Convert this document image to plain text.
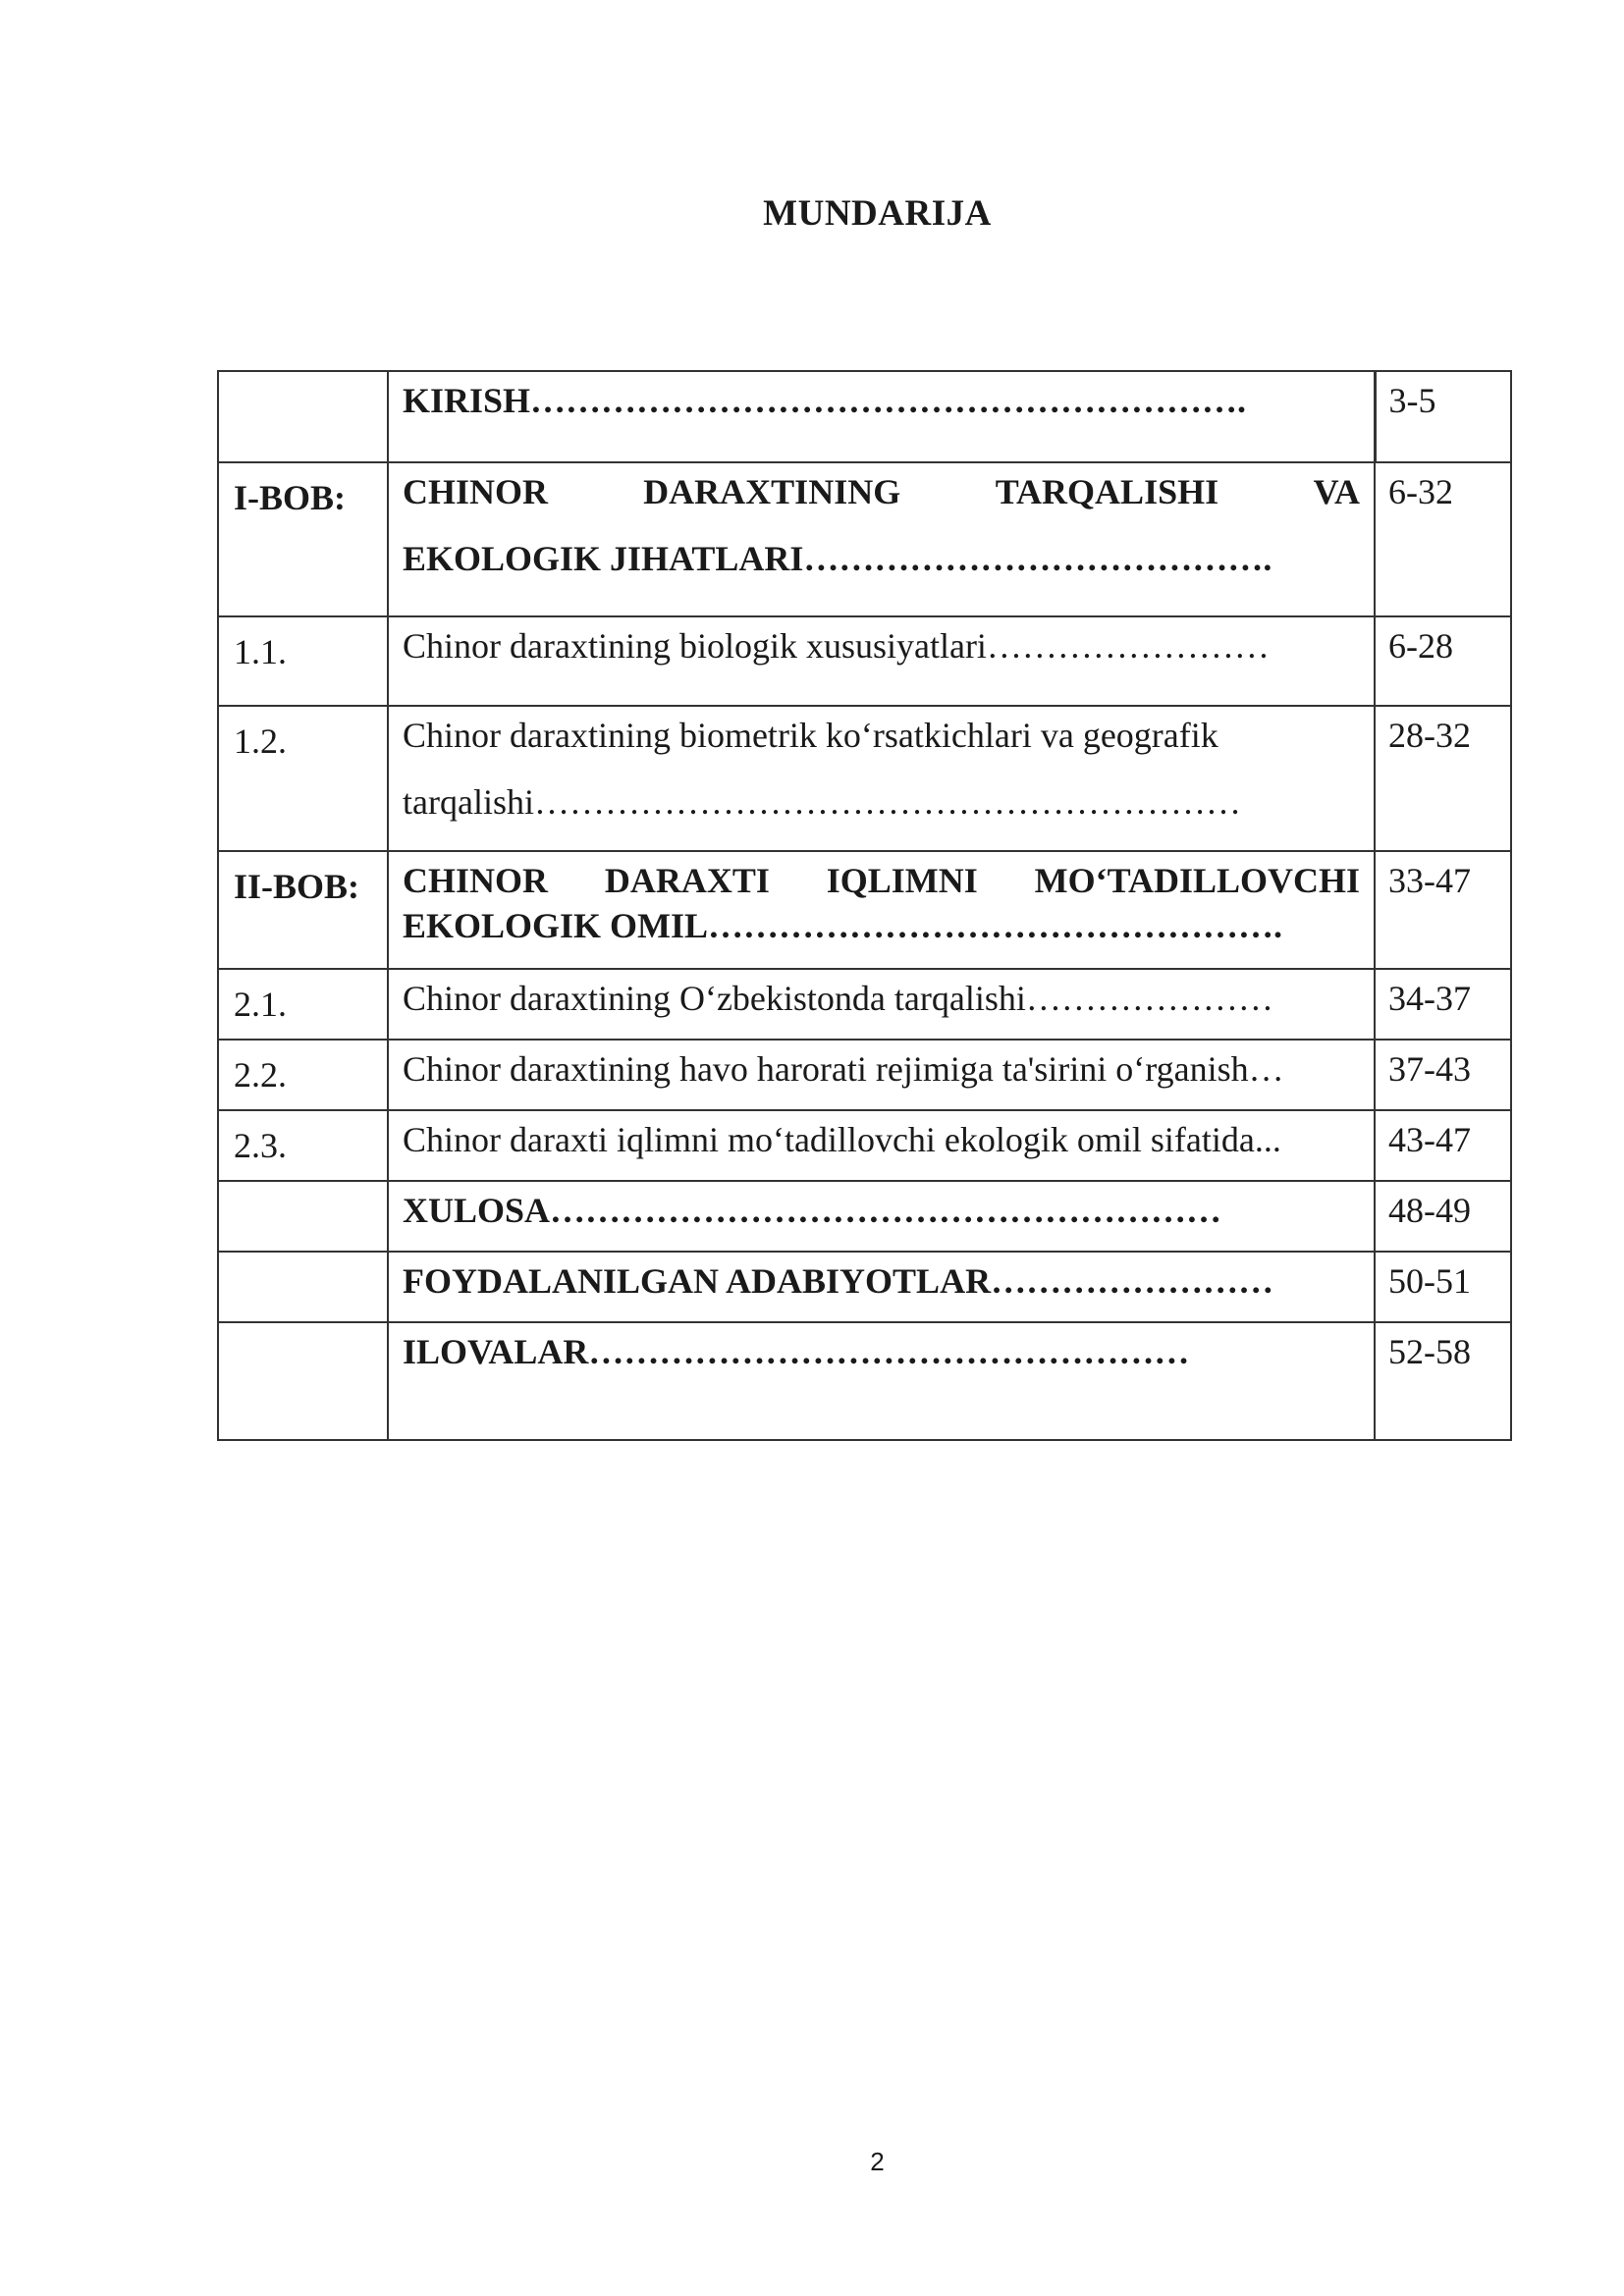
MUNDARIJA
	KIRISH…………………………………………………….	3-5
I-BOB:	CHINOR DARAXTINING TARQALISHI VA
EKOLOGIK JIHATLARI………………………………….	6-32
1.1.	Chinor daraxtining biologik xususiyatlari……………………	6-28
1.2.	Chinor daraxtining biometrik ko‘rsatkichlari va geografik
tarqalishi……………………………………………………	28-32
II-BOB:	CHINOR DARAXTI IQLIMNI MO‘TADILLOVCHI
EKOLOGIK OMIL………………………………………….	33-47
2.1.	Chinor daraxtining O‘zbekistonda tarqalishi…………………	34-37
2.2.	Chinor daraxtining havo harorati rejimiga ta'sirini o‘rganish…	37-43
2.3.	Chinor daraxti iqlimni mo‘tadillovchi ekologik omil sifatida...	43-47
	XULOSA…………………………………………………	48-49
	FOYDALANILGAN ADABIYOTLAR……………………	50-51
	ILOVALAR……………………………………………	52-58
2
